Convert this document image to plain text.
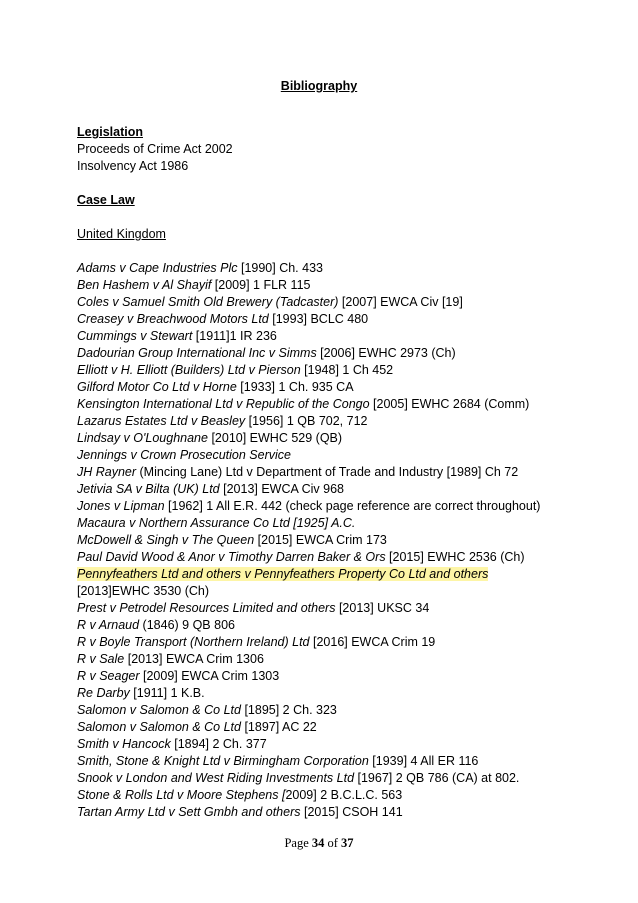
Bibliography
Legislation
Proceeds of Crime Act 2002
Insolvency Act 1986
Case Law
United Kingdom
Adams v Cape Industries Plc [1990] Ch. 433
Ben Hashem v Al Shayif [2009] 1 FLR 115
Coles v Samuel Smith Old Brewery (Tadcaster) [2007] EWCA Civ [19]
Creasey v Breachwood Motors Ltd [1993] BCLC 480
Cummings v Stewart [1911]1 IR 236
Dadourian Group International Inc v Simms [2006] EWHC 2973 (Ch)
Elliott v H. Elliott (Builders) Ltd v Pierson [1948] 1 Ch 452
Gilford Motor Co Ltd v Horne [1933] 1 Ch. 935 CA
Kensington International Ltd v Republic of the Congo [2005] EWHC 2684 (Comm)
Lazarus Estates Ltd v Beasley [1956] 1 QB 702, 712
Lindsay v O'Loughnane [2010] EWHC 529 (QB)
Jennings v Crown Prosecution Service
JH Rayner (Mincing Lane) Ltd v Department of Trade and Industry [1989] Ch 72
Jetivia SA v Bilta (UK) Ltd [2013] EWCA Civ 968
Jones v Lipman [1962] 1 All E.R. 442 (check page reference are correct throughout)
Macaura v Northern Assurance Co Ltd [1925] A.C.
McDowell & Singh v The Queen [2015] EWCA Crim 173
Paul David Wood & Anor v Timothy Darren Baker & Ors [2015] EWHC 2536 (Ch)
Pennyfeathers Ltd and others v Pennyfeathers Property Co Ltd and others
[2013]EWHC 3530 (Ch)
Prest v Petrodel Resources Limited and others [2013] UKSC 34
R v Arnaud (1846) 9 QB 806
R v Boyle Transport (Northern Ireland) Ltd [2016] EWCA Crim 19
R v Sale [2013] EWCA Crim 1306
R v Seager [2009] EWCA Crim 1303
Re Darby [1911] 1 K.B.
Salomon v Salomon & Co Ltd [1895] 2 Ch. 323
Salomon v Salomon & Co Ltd [1897] AC 22
Smith v Hancock [1894] 2 Ch. 377
Smith, Stone & Knight Ltd v Birmingham Corporation [1939] 4 All ER 116
Snook v London and West Riding Investments Ltd [1967] 2 QB 786 (CA) at 802.
Stone & Rolls Ltd v Moore Stephens [2009] 2 B.C.L.C. 563
Tartan Army Ltd v Sett Gmbh and others [2015] CSOH 141
Page 34 of 37
